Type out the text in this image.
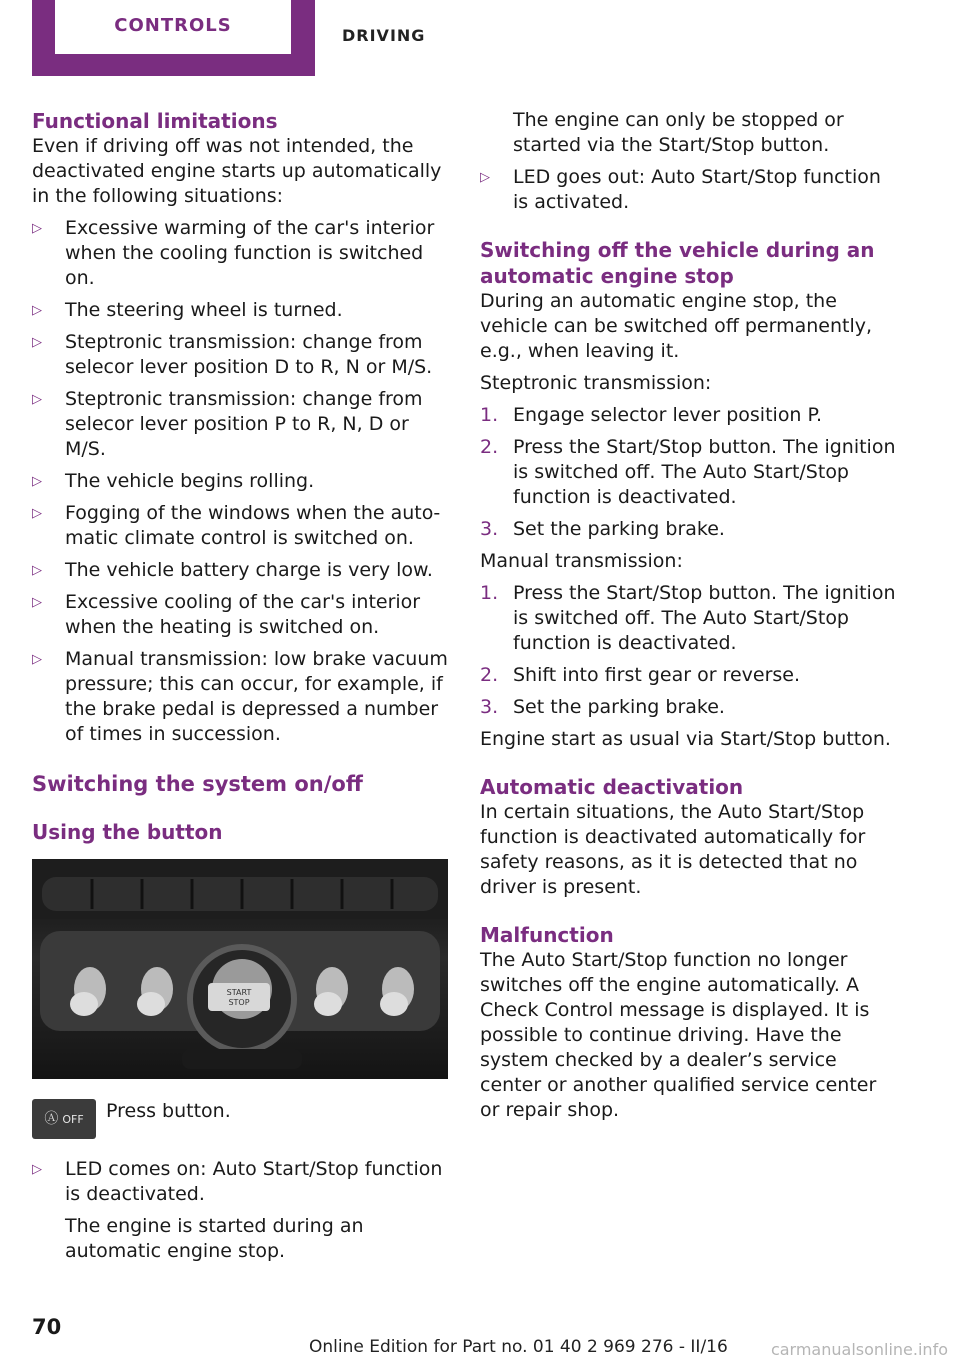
CONTROLS	DRIVING
Functional limitations

Even if driving off was not intended, the deactivated engine starts up automatically in the following situations:

▷ Excessive warming of the car's interior when the cooling function is switched on.
▷ The steering wheel is turned.
▷ Steptronic transmission: change from selecor lever position D to R, N or M/S.
▷ Steptronic transmission: change from selecor lever position P to R, N, D or M/S.
▷ The vehicle begins rolling.
▷ Fogging of the windows when the automatic climate control is switched on.
▷ The vehicle battery charge is very low.
▷ Excessive cooling of the car's interior when the heating is switched on.
▷ Manual transmission: low brake vacuum pressure; this can occur, for example, if the brake pedal is depressed a number of times in succession.
Switching the system on/off
Using the button
START
STOP
Ⓐ OFF Press button.
▷ LED comes on: Auto Start/Stop function is deactivated.

The engine is started during an automatic engine stop.

The engine can only be stopped or started via the Start/Stop button.

▷ LED goes out: Auto Start/Stop function is activated.
Switching off the vehicle during an automatic engine stop

During an automatic engine stop, the vehicle can be switched off permanently, e.g., when leaving it.

Steptronic transmission:

1. Engage selector lever position P.
2. Press the Start/Stop button. The ignition is switched off. The Auto Start/Stop function is deactivated.
3. Set the parking brake.

Manual transmission:

1. Press the Start/Stop button. The ignition is switched off. The Auto Start/Stop function is deactivated.
2. Shift into first gear or reverse.
3. Set the parking brake.

Engine start as usual via Start/Stop button.

Automatic deactivation

In certain situations, the Auto Start/Stop function is deactivated automatically for safety reasons, as it is detected that no driver is present.

Malfunction

The Auto Start/Stop function no longer switches off the engine automatically. A Check Control message is displayed. It is possible to continue driving. Have the system checked by a dealer’s service center or another qualified service center or repair shop.

70
Online Edition for Part no. 01 40 2 969 276 - II/16	carmanualsonline.info
